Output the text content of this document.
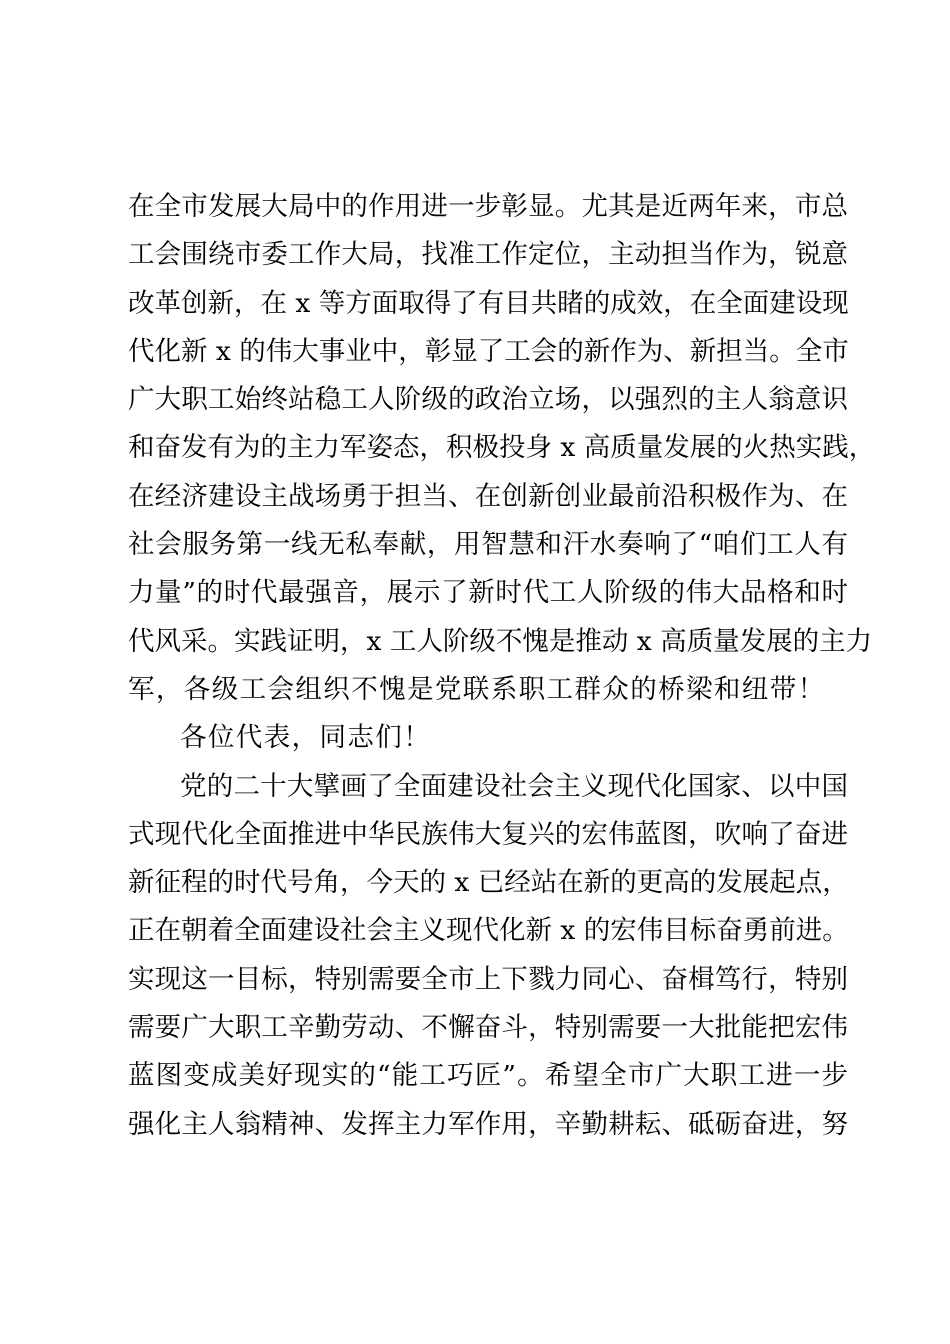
在全市发展大局中的作用进一步彰显。尤其是近两年来，市总
工会围绕市委工作大局，找准工作定位，主动担当作为，锐意
改革创新，在 x 等方面取得了有目共睹的成效，在全面建设现
代化新 x 的伟大事业中，彰显了工会的新作为、新担当。全市
广大职工始终站稳工人阶级的政治立场，以强烈的主人翁意识
和奋发有为的主力军姿态，积极投身 x 高质量发展的火热实践，
在经济建设主战场勇于担当、在创新创业最前沿积极作为、在
社会服务第一线无私奉献，用智慧和汗水奏响了“咱们工人有
力量”的时代最强音，展示了新时代工人阶级的伟大品格和时
代风采。实践证明，x 工人阶级不愧是推动 x 高质量发展的主力
军，各级工会组织不愧是党联系职工群众的桥梁和纽带！
各位代表，同志们！
党的二十大擘画了全面建设社会主义现代化国家、以中国
式现代化全面推进中华民族伟大复兴的宏伟蓝图，吹响了奋进
新征程的时代号角，今天的 x 已经站在新的更高的发展起点，
正在朝着全面建设社会主义现代化新 x 的宏伟目标奋勇前进。
实现这一目标，特别需要全市上下戮力同心、奋楫笃行，特别
需要广大职工辛勤劳动、不懈奋斗，特别需要一大批能把宏伟
蓝图变成美好现实的“能工巧匠”。希望全市广大职工进一步
强化主人翁精神、发挥主力军作用，辛勤耕耘、砥砺奋进，努
